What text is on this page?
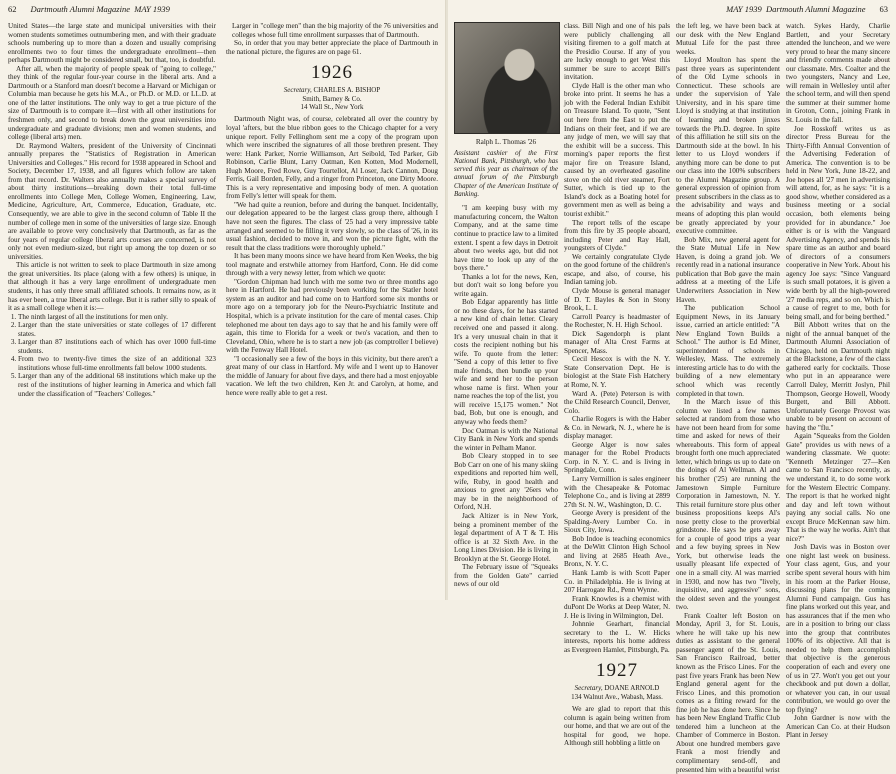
62 Dartmouth Alumni Magazine MAY 1939

United States—the large state and municipal universities with their women students sometimes outnumbering men, and with their graduate schools numbering up to more than a dozen and usually comprising enrollments two to four times the undergraduate enrollment—then perhaps Dartmouth might be considered small, but that, too, is doubtful.

After all, when the majority of people speak of "going to college," they think of the regular four-year course in the liberal arts. And a Dartmouth or a Stanford man doesn't become a Harvard or Michigan or Columbia man because he gets his M.A., or Ph.D. or M.D. or LL.D. at one of the latter institutions. The only way to get a true picture of the size of Dartmouth is to compare it—first with all other institutions for freshmen only, and second to break down the great universities into undergraduate and graduate divisions; men and women students, and college (liberal arts) men.

Dr. Raymond Walters, president of the University of Cincinnati annually prepares the "Statistics of Registration in American Universities and Colleges." His record for 1938 appeared in School and Society, December 17, 1938, and all figures which follow are taken from that record. Dr. Walters also annually makes a special survey of about thirty institutions—breaking down their total full-time enrollments into College Men, College Women, Engineering, Law, Medicine, Agriculture, Art, Commerce, Education, Graduate, etc. Consequently, we are able to give in the second column of Table II the number of college men in some of the universities of large size. Enough are available to prove very conclusively that Dartmouth, as far as the four years of regular college liberal arts courses are concerned, is not only not even medium-sized, but right up among the top dozen or so universities.

This article is not written to seek to place Dartmouth in size among the great universities. Its place (along with a few others) is unique, in that although it has a very large enrollment of undergraduate men students, it has only three small affiliated schools. It remains now, as it has ever been, a true liberal arts college. But it is rather silly to speak of it as a small college when it is:—

1. The ninth largest of all the institutions for men only.
2. Larger than the state universities or state colleges of 17 different states.
3. Larger than 87 institutions each of which has over 1000 full-time students.
4. From two to twenty-five times the size of an additional 323 institutions whose full-time enrollments fall below 1000 students.
5. Larger than any of the additional 68 institutions which make up the rest of the institutions of higher learning in America and which fall under the classification of "Teachers' Colleges."

Larger in "college men" than the big majority of the 76 universities and colleges whose full time enrollment surpasses that of Dartmouth.

So, in order that you may better appreciate the place of Dartmouth in the national picture, the figures are on page 61.

1926
Secretary, CHARLES A. BISHOP
Smith, Barney & Co.
14 Wall St., New York

Dartmouth Night was, of course, celebrated all over the country by loyal 'afters, but the blue ribbon goes to the Chicago chapter for a very unique report. Felly Fellinghom sent me a copy of the program upon which were inscribed the signatures of all those brethren present. They were: Hank Parker, Norrie Williamson, Art Seibold, Ted Parker, Gib Robinson, Carlie Blunt, Larry Oatman, Ken Kotten, Mod Modernell, Hugh Moore, Fred Rowe, Guy Tourtellot, Al Loser, Jack Cannon, Doug Ferris, Gail Borden, Felly, and a ringer from Princeton, one Dirty Moore. This is a very representative and imposing body of men. A quotation from Felly's letter will speak for them.

"We had quite a reunion, before and during the banquet. Incidentally, our delegation appeared to be the largest class group there, although I have not seen the figures. The class of '25 had a very impressive table arranged and seemed to be filling it very slowly, so the class of '26, in its usual fashion, decided to move in, and won the picture fight, with the result that the class traditions were thoroughly upheld."

It has been many moons since we have heard from Ken Weeks, the big tool magnate and erstwhile attorney from Hartford, Conn. He did come through with a very newsy letter, from which we quote:

"Gordon Chipman had lunch with me some two or three months ago here in Hartford. He had previously been working for the Statler hotel system as an auditor and had come on to Hartford some six months or more ago on a temporary job for the Neuro-Psychiatric Institute and Hospital, which is a private institution for the care of mental cases. Chip telephoned me about ten days ago to say that he and his family were off again, this time to Florida for a week or two's vacation, and then to Cleveland, Ohio, where he is to start a new job (as comptroller I believe) with the Fenway Hall Hotel.

"I occasionally see a few of the boys in this vicinity, but there aren't a great many of our class in Hartford. My wife and I went up to Hanover the middle of January for about five days, and there had a most enjoyable vacation. We left the two children, Ken Jr. and Carolyn, at home, and hence were really able to get a rest.

MAY 1939 Dartmouth Alumni Magazine 63
Ralph L. Thomas '26
Assistant cashier of the First National Bank, Pittsburgh, who has served this year as chairman of the annual forum of the Pittsburgh Chapter of the American Institute of Banking.

"I am keeping busy with my manufacturing concern, the Walton Company, and at the same time continue to practice law to a limited extent. I spent a few days in Detroit about two weeks ago, but did not have time to look up any of the boys there."

Thanks a lot for the news, Ken, but don't wait so long before you write again.

Bob Edgar apparently has little or no these days, for he has started a new kind of chain letter. Cleary received one and passed it along. It's a very unusual chain in that it costs the recipient nothing but his wife. To quote from the letter: "Send a copy of this letter to five male friends, then bundle up your wife and send her to the person whose name is first. When your name reaches the top of the list, you will receive 15,175 women." Not bad, Bob, but one is enough, and anyway who feeds them?

Doc Oatman is with the National City Bank in New York and spends the winter in Pelham Manor.

Bob Cleary stopped in to see Bob Carr on one of his many skiing expeditions and reported him well, wife, Ruby, in good health and anxious to greet any '26ers who may be in the neighborhood of Orford, N.H.

Jack Altizer is in New York, being a prominent member of the legal department of A T & T. His office is at 32 Sixth Ave. in the Long Lines Division. He is living in Brooklyn at the St. George Hotel.

The February issue of "Squeaks from the Golden Gate" carried news of our old

class. Bill Nigh and one of his pals were publicly challenging all visiting firemen to a golf match at the Presidio Course. If any of you are lucky enough to get West this summer be sure to accept Bill's invitation.

Clyde Hall is the other man who broke into print. It seems he has a job with the Federal Indian Exhibit on Treasure Island. To quote, "Sent out here from the East to put the Indians on their feet, and if we are any judge of men, we will say that the exhibit will be a success. This morning's paper reports the first major fire on Treasure Island, caused by an overheated gasoline stove on the old river steamer, Fort Sutter, which is tied up to the Island's dock as a Boating hotel for government men as well as being a tourist exhibit."

The report tells of the escape from this fire by 35 people aboard, including Peter and Ray Hall, youngsters of Clyde."

We certainly congratulate Clyde on the good fortune of the children's escape, and also, of course, his Indian taming job.

Clyde Mouse is general manager of D. T. Bayles & Son in Stony Brook, L. I.

Carroll Pearcy is headmaster of the Rochester, N. H. High School.

Dick Sagendorph is plant manager of Alta Crest Farms at Spencer, Mass.

Cecil Hescox is with the N. Y. State Conservation Dept. He is biologist at the State Fish Hatchery at Rome, N. Y.

Ward A. (Pete) Peterson is with the Child Research Council, Denver, Colo.

Charlie Rogers is with the Haber & Co. in Newark, N. J., where he is display manager.

George Alger is now sales manager for the Robel Products Corp. in N. Y. C. and is living in Springdale, Conn.

Larry Vermillion is sales engineer with the Chesapeake & Potomac Telephone Co., and is living at 2899 27th St. N. W., Washington, D. C.

George Avery is president of the Spalding-Avery Lumber Co. in Sioux City, Iowa.

Bob Indoe is teaching economics at the DeWitt Clinton High School and living at 2685 Heath Ave., Bronx, N. Y. C.

Hank Lamb is with Scott Paper Co. in Philadelphia. He is living at 207 Harrogate Rd., Penn Wynne.

Frank Knowles is a chemist with duPont De Works at Deep Water, N. J. He is living in Wilmington, Del.

Johnnie Gearhart, financial secretary to the L. W. Hicks interests, reports his home address as Evergreen Hamlet, Pittsburgh, Pa.

1927
Secretary, DOANE ARNOLD
134 Walnut Ave., Wabash, Mass.

We are glad to report that this column is again being written from our home, and that we are out of the hospital for good, we hope. Although still hobbling a little on

the left leg, we have been back at our desk with the New England Mutual Life for the past three weeks.

Lloyd Moulton has spent the past three years as superintendent of the Old Lyme schools in Connecticut. These schools are under the supervision of Yale University, and in his spare time Lloyd is studying at that institution of learning and broken jinxes towards the Ph.D. degree. In spite of this affiliation he still sits on the Dartmouth side at the bowl. In his letter to us Lloyd wonders if anything more can be done to put our class into the 100% subscribers to the Alumni Magazine group. A general expression of opinion from present subscribers in the class as to the advisability and ways and means of adopting this plan would be greatly appreciated by your executive committee.

Bob Mix, new general agent for the State Mutual Life in New Haven, is doing a grand job. We recently read in a national insurance publication that Bob gave the main address at a meeting of the Life Underwriters Association in New Haven.

The publication School Equipment News, in its January issue, carried an article entitled: "A New England Town Builds a School." The author is Ed Miner, superintendent of schools in Wellesley, Mass. The extremely interesting article has to do with the building of a new elementary school which was recently completed in that town.

In the March issue of this column we listed a few names selected at random from those who have not been heard from for some time and asked for news of their whereabouts. This form of appeal brought forth one much appreciated letter, which brings us up to date on the doings of Al Wellman. Al and his brother ('25) are running the Jamestown Simple Furniture Corporation in Jamestown, N. Y. This retail furniture store plus other business propositions keeps Al's nose pretty close to the proverbial grindstone. He says he gets away for a couple of good trips a year and a few buying sprees in New York, but otherwise leads the usually pleasant life expected of one in a small city. Al was married in 1930, and now has two "lively, inquisitive, and aggressive" sons, the oldest seven and the youngest two.

Frank Coalter left Boston on Monday, April 3, for St. Louis, where he will take up his new duties as assistant to the general passenger agent of the St. Louis, San Francisco Railroad, better known as the Frisco Lines. For the past five years Frank has been New England general agent for the Frisco Lines, and this promotion comes as a fitting reward for the fine job he has done here. Since he has been New England Traffic Club tendered him a luncheon at the Chamber of Commerce in Boston. About one hundred members gave Frank a most friendly and complimentary send-off, and presented him with a beautiful wrist

watch. Sykes Hardy, Charlie Bartlett, and your Secretary attended the luncheon, and we were very proud to hear the many sincere and friendly comments made about our classmate. Mrs. Coalter and the two youngsters, Nancy and Lee, will remain in Wellesley until after the school term, and will then spend the summer at their summer home in Groton, Conn., joining Frank in St. Louis in the fall.

Joe Rosskoff writes us as director Press Bureau for the Thirty-Fifth Annual Convention of the Advertising Federation of America. The convention is to be held in New York, June 18-22, and Joe hopes all '27 men in advertising will attend, for, as he says: "it is a good show, whether considered as a business meeting or a social occasion, both elements being provided for in abundance." Joe either is or is with the Vanguard Advertising Agency, and spends his spare time as an author and board of directors of a consumers cooperative in New York. About his agency Joe says: "Since Vanguard is such small potatoes, it is given a wide berth by all the high-powered '27 media reps, and so on. Which is a cause of regret to me, both for being small, and for being berthed."

Bill Abbott writes that on the night of the annual banquet of the Dartmouth Alumni Association of Chicago, held on Dartmouth night at the Blackstone, a few of the class gathered early for cocktails. Those who put in an appearance were Carroll Daley, Merritt Joslyn, Phil Thompson, George Howell, Woody Burgett, and Bill Abbott. Unfortunately George Provost was unable to be present on account of having the "flu."

Again "Squeaks from the Golden Gate" provides us with news of a wandering classmate. We quote: "Kenneth Metzinger '27—Ken came to San Francisco recently, as we understand it, to do some work for the Western Electric Company. The report is that he worked night and day and left town without paying any social calls. No one except Bruce McKennan saw him. That is the way he works. Ain't that nice?"

Josh Davis was in Boston over one night last week on business. Your class agent, Gus, and your scribe spent several hours with him in his room at the Parker House, discussing plans for the coming Alumni Fund campaign. Gus has fine plans worked out this year, and has assurances that if the men who are in a position to bring our class into the group that contributes 100% of its objective. All that is needed to help them accomplish that objective is the generous cooperation of each and every one of us in '27. Won't you get out your checkbook and put down a dollar, or whatever you can, in our usual contribution, we would go over the top flying?

John Gardner is now with the American Can Co. at their Hudson Plant in Jersey
